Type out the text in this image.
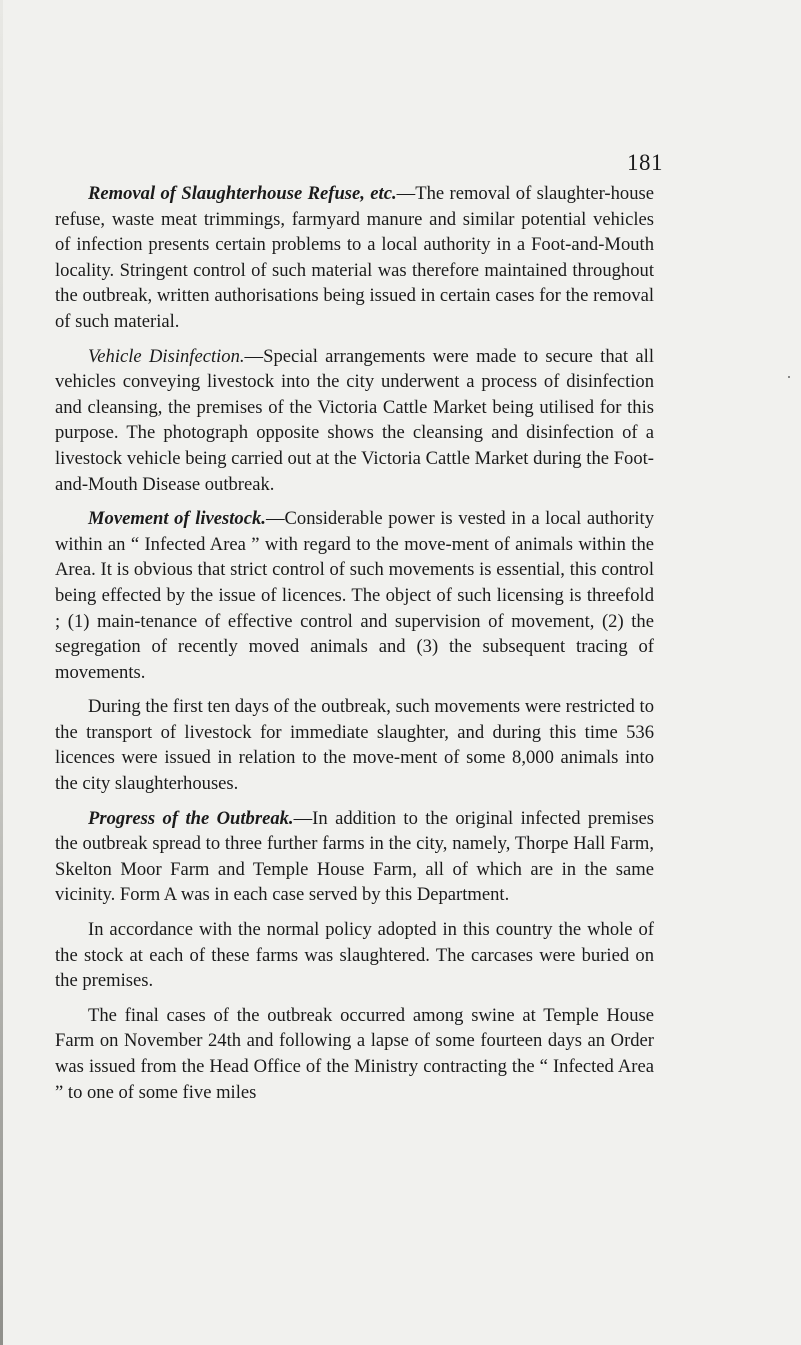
181

Removal of Slaughterhouse Refuse, etc.—The removal of slaughter-house refuse, waste meat trimmings, farmyard manure and similar potential vehicles of infection presents certain problems to a local authority in a Foot-and-Mouth locality. Stringent control of such material was therefore maintained throughout the outbreak, written authorisations being issued in certain cases for the removal of such material.

Vehicle Disinfection.—Special arrangements were made to secure that all vehicles conveying livestock into the city underwent a process of disinfection and cleansing, the premises of the Victoria Cattle Market being utilised for this purpose. The photograph opposite shows the cleansing and disinfection of a livestock vehicle being carried out at the Victoria Cattle Market during the Foot-and-Mouth Disease outbreak.

Movement of livestock.—Considerable power is vested in a local authority within an “ Infected Area ” with regard to the move-ment of animals within the Area. It is obvious that strict control of such movements is essential, this control being effected by the issue of licences. The object of such licensing is threefold ; (1) main-tenance of effective control and supervision of movement, (2) the segregation of recently moved animals and (3) the subsequent tracing of movements.

During the first ten days of the outbreak, such movements were restricted to the transport of livestock for immediate slaughter, and during this time 536 licences were issued in relation to the move-ment of some 8,000 animals into the city slaughterhouses.

Progress of the Outbreak.—In addition to the original infected premises the outbreak spread to three further farms in the city, namely, Thorpe Hall Farm, Skelton Moor Farm and Temple House Farm, all of which are in the same vicinity. Form A was in each case served by this Department.

In accordance with the normal policy adopted in this country the whole of the stock at each of these farms was slaughtered. The carcases were buried on the premises.

The final cases of the outbreak occurred among swine at Temple House Farm on November 24th and following a lapse of some fourteen days an Order was issued from the Head Office of the Ministry contracting the “ Infected Area ” to one of some five miles
